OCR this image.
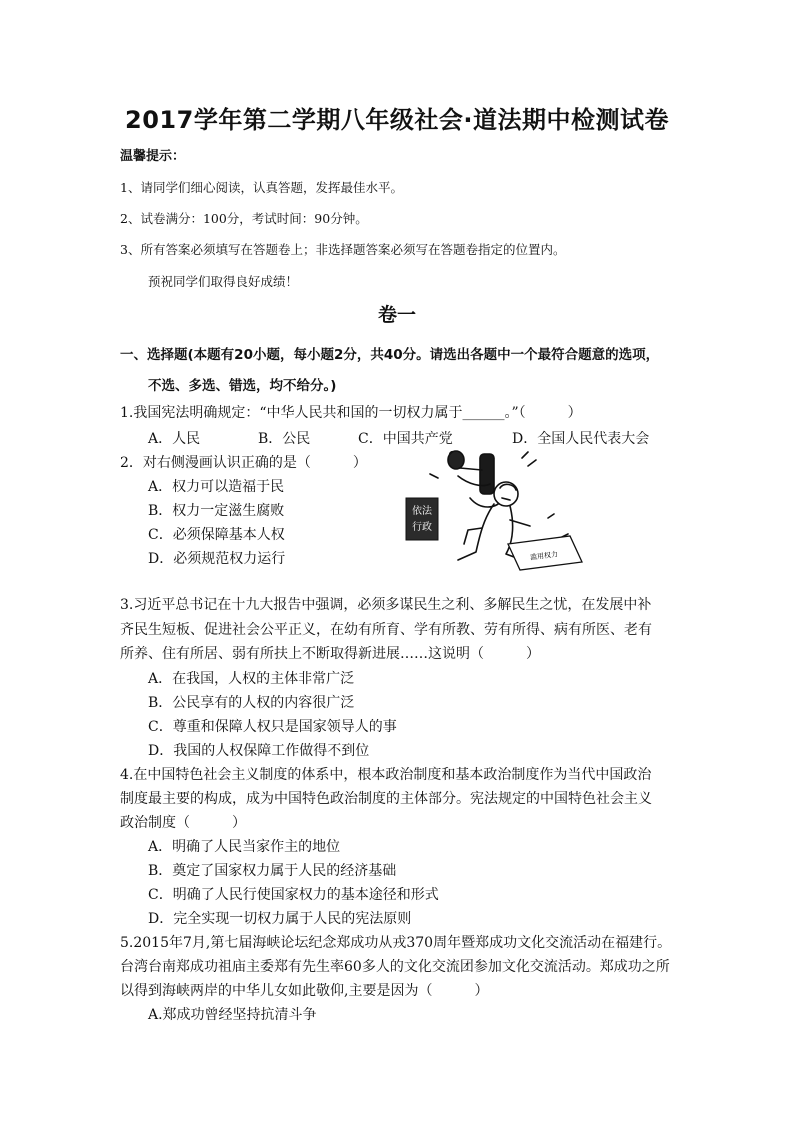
2017学年第二学期八年级社会·道法期中检测试卷
温馨提示：
1、请同学们细心阅读，认真答题，发挥最佳水平。
2、试卷满分：100分，考试时间：90分钟。
3、所有答案必须填写在答题卷上；非选择题答案必须写在答题卷指定的位置内。
预祝同学们取得良好成绩！
卷一
一、选择题(本题有20小题，每小题2分，共40分。请选出各题中一个最符合题意的选项，
不选、多选、错选，均不给分。)
1.我国宪法明确规定：“中华人民共和国的一切权力属于______。”（　　　）
A．人民	B．公民	C．中国共产党	D．全国人民代表大会
2．对右侧漫画认识正确的是（　　　）
A．权力可以造福于民
B．权力一定滋生腐败
C．必须保障基本人权
D．必须规范权力运行
依法
行政
滥用权力
3.习近平总书记在十九大报告中强调，必须多谋民生之利、多解民生之忧，在发展中补
齐民生短板、促进社会公平正义，在幼有所育、学有所教、劳有所得、病有所医、老有
所养、住有所居、弱有所扶上不断取得新进展……这说明（　　　）
A．在我国，人权的主体非常广泛
B．公民享有的人权的内容很广泛
C．尊重和保障人权只是国家领导人的事
D．我国的人权保障工作做得不到位
4.在中国特色社会主义制度的体系中，根本政治制度和基本政治制度作为当代中国政治
制度最主要的构成，成为中国特色政治制度的主体部分。宪法规定的中国特色社会主义
政治制度（　　　）
A．明确了人民当家作主的地位
B．奠定了国家权力属于人民的经济基础
C．明确了人民行使国家权力的基本途径和形式
D．完全实现一切权力属于人民的宪法原则
5.2015年7月,第七届海峡论坛纪念郑成功从戎370周年暨郑成功文化交流活动在福建行。
台湾台南郑成功祖庙主委郑有先生率60多人的文化交流团参加文化交流活动。郑成功之所
以得到海峡两岸的中华儿女如此敬仰,主要是因为（　　　）
A.郑成功曾经坚持抗清斗争
